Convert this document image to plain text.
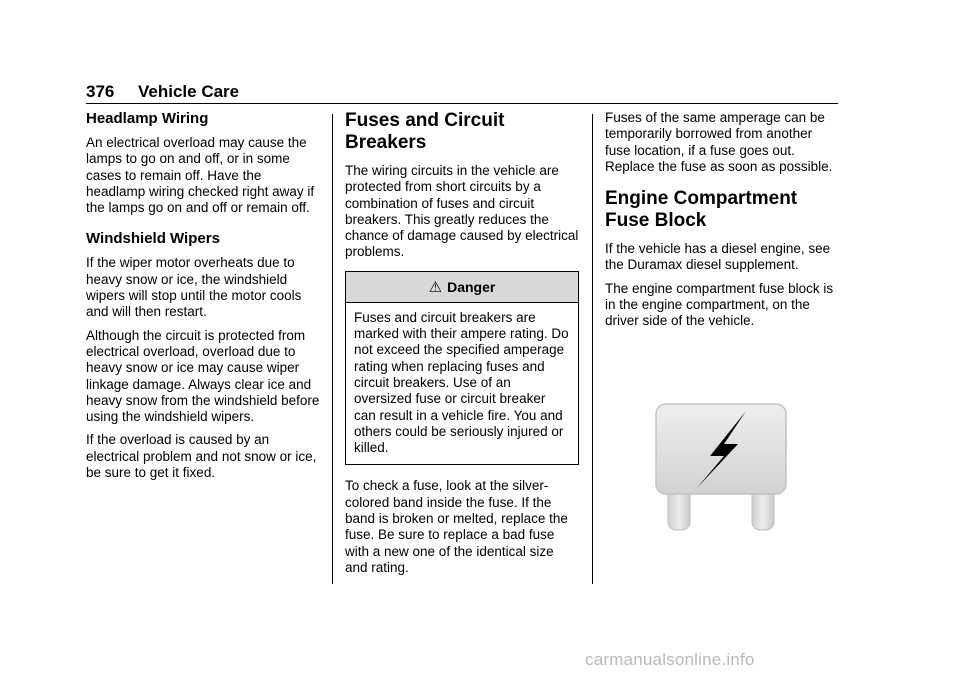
376 Vehicle Care
Headlamp Wiring

An electrical overload may cause the lamps to go on and off, or in some cases to remain off. Have the headlamp wiring checked right away if the lamps go on and off or remain off.

Windshield Wipers

If the wiper motor overheats due to heavy snow or ice, the windshield wipers will stop until the motor cools and will then restart.

Although the circuit is protected from electrical overload, overload due to heavy snow or ice may cause wiper linkage damage. Always clear ice and heavy snow from the windshield before using the windshield wipers.

If the overload is caused by an electrical problem and not snow or ice, be sure to get it fixed.

Fuses and Circuit Breakers

The wiring circuits in the vehicle are protected from short circuits by a combination of fuses and circuit breakers. This greatly reduces the chance of damage caused by electrical problems.

⚠ Danger
Fuses and circuit breakers are marked with their ampere rating. Do not exceed the specified amperage rating when replacing fuses and circuit breakers. Use of an oversized fuse or circuit breaker can result in a vehicle fire. You and others could be seriously injured or killed.

To check a fuse, look at the silver-colored band inside the fuse. If the band is broken or melted, replace the fuse. Be sure to replace a bad fuse with a new one of the identical size and rating.

Fuses of the same amperage can be temporarily borrowed from another fuse location, if a fuse goes out. Replace the fuse as soon as possible.

Engine Compartment Fuse Block

If the vehicle has a diesel engine, see the Duramax diesel supplement.

The engine compartment fuse block is in the engine compartment, on the driver side of the vehicle.

carmanualsonline.info
